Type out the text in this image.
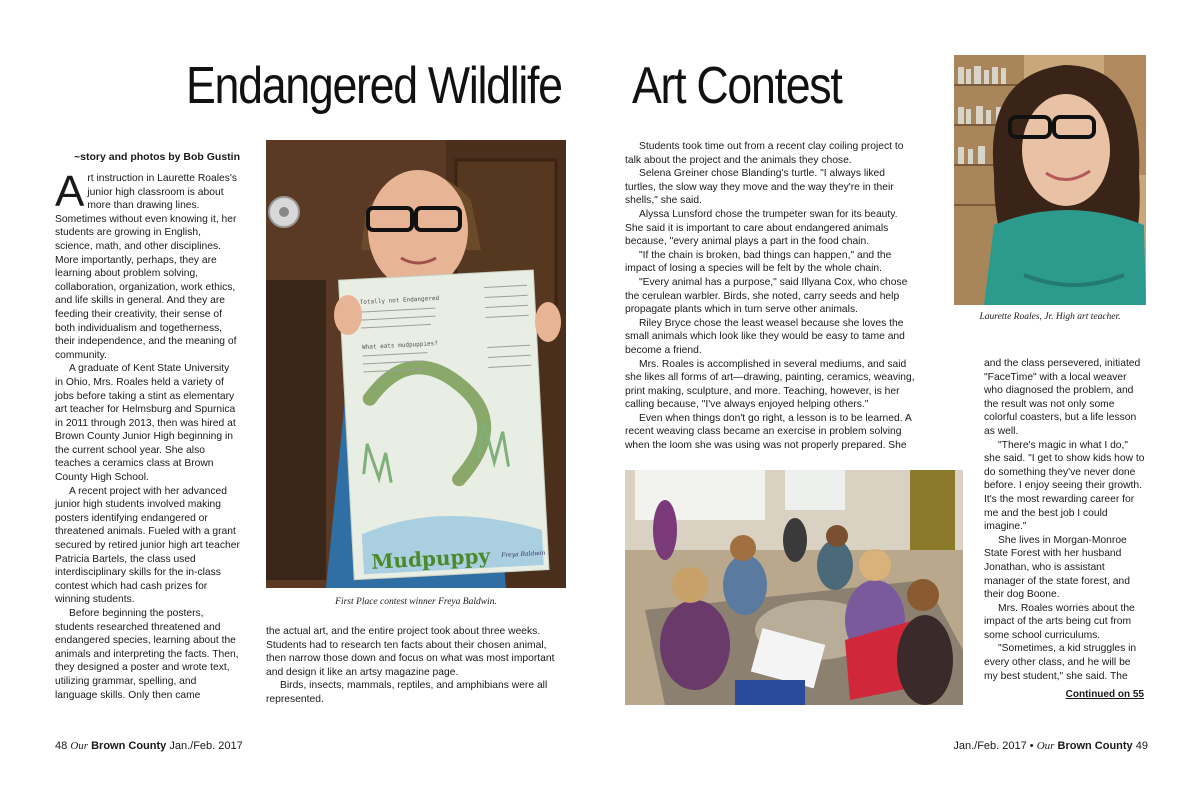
Endangered Wildlife Art Contest
~story and photos by Bob Gustin

Art instruction in Laurette Roales's junior high classroom is about more than drawing lines. Sometimes without even knowing it, her students are growing in English, science, math, and other disciplines. More importantly, perhaps, they are learning about problem solving, collaboration, organization, work ethics, and life skills in general. And they are feeding their creativity, their sense of both individualism and togetherness, their independence, and the meaning of community.

A graduate of Kent State University in Ohio, Mrs. Roales held a variety of jobs before taking a stint as elementary art teacher for Helmsburg and Spurnica in 2011 through 2013, then was hired at Brown County Junior High beginning in the current school year. She also teaches a ceramics class at Brown County High School.

A recent project with her advanced junior high students involved making posters identifying endangered or threatened animals. Fueled with a grant secured by retired junior high art teacher Patricia Bartels, the class used interdisciplinary skills for the in-class contest which had cash prizes for winning students.

Before beginning the posters, students researched threatened and endangered species, learning about the animals and interpreting the facts. Then, they designed a poster and wrote text, utilizing grammar, spelling, and language skills. Only then came

Totally not Endangered
What eats mudpuppies?
Mudpuppy Freya Baldwin
First Place contest winner Freya Baldwin.

the actual art, and the entire project took about three weeks. Students had to research ten facts about their chosen animal, then narrow those down and focus on what was most important and design it like an artsy magazine page.

Birds, insects, mammals, reptiles, and amphibians were all represented.

Students took time out from a recent clay coiling project to talk about the project and the animals they chose.

Selena Greiner chose Blanding's turtle. "I always liked turtles, the slow way they move and the way they're in their shells," she said.

Alyssa Lunsford chose the trumpeter swan for its beauty. She said it is important to care about endangered animals because, "every animal plays a part in the food chain.

"If the chain is broken, bad things can happen," and the impact of losing a species will be felt by the whole chain.

"Every animal has a purpose," said Illyana Cox, who chose the cerulean warbler. Birds, she noted, carry seeds and help propagate plants which in turn serve other animals.

Riley Bryce chose the least weasel because she loves the small animals which look like they would be easy to tame and become a friend.

Mrs. Roales is accomplished in several mediums, and said she likes all forms of art—drawing, painting, ceramics, weaving, print making, sculpture, and more. Teaching, however, is her calling because, "I've always enjoyed helping others."

Even when things don't go right, a lesson is to be learned. A recent weaving class became an exercise in problem solving when the loom she was using was not properly prepared. She

Laurette Roales, Jr. High art teacher.

and the class persevered, initiated "FaceTime" with a local weaver who diagnosed the problem, and the result was not only some colorful coasters, but a life lesson as well.

"There's magic in what I do," she said. "I get to show kids how to do something they've never done before. I enjoy seeing their growth. It's the most rewarding career for me and the best job I could imagine."

She lives in Morgan-Monroe State Forest with her husband Jonathan, who is assistant manager of the state forest, and their dog Boone.

Mrs. Roales worries about the impact of the arts being cut from some school curriculums.

"Sometimes, a kid struggles in every other class, and he will be my best student," she said. The

Continued on 55
48 Our Brown County Jan./Feb. 2017	Jan./Feb. 2017 • Our Brown County 49
